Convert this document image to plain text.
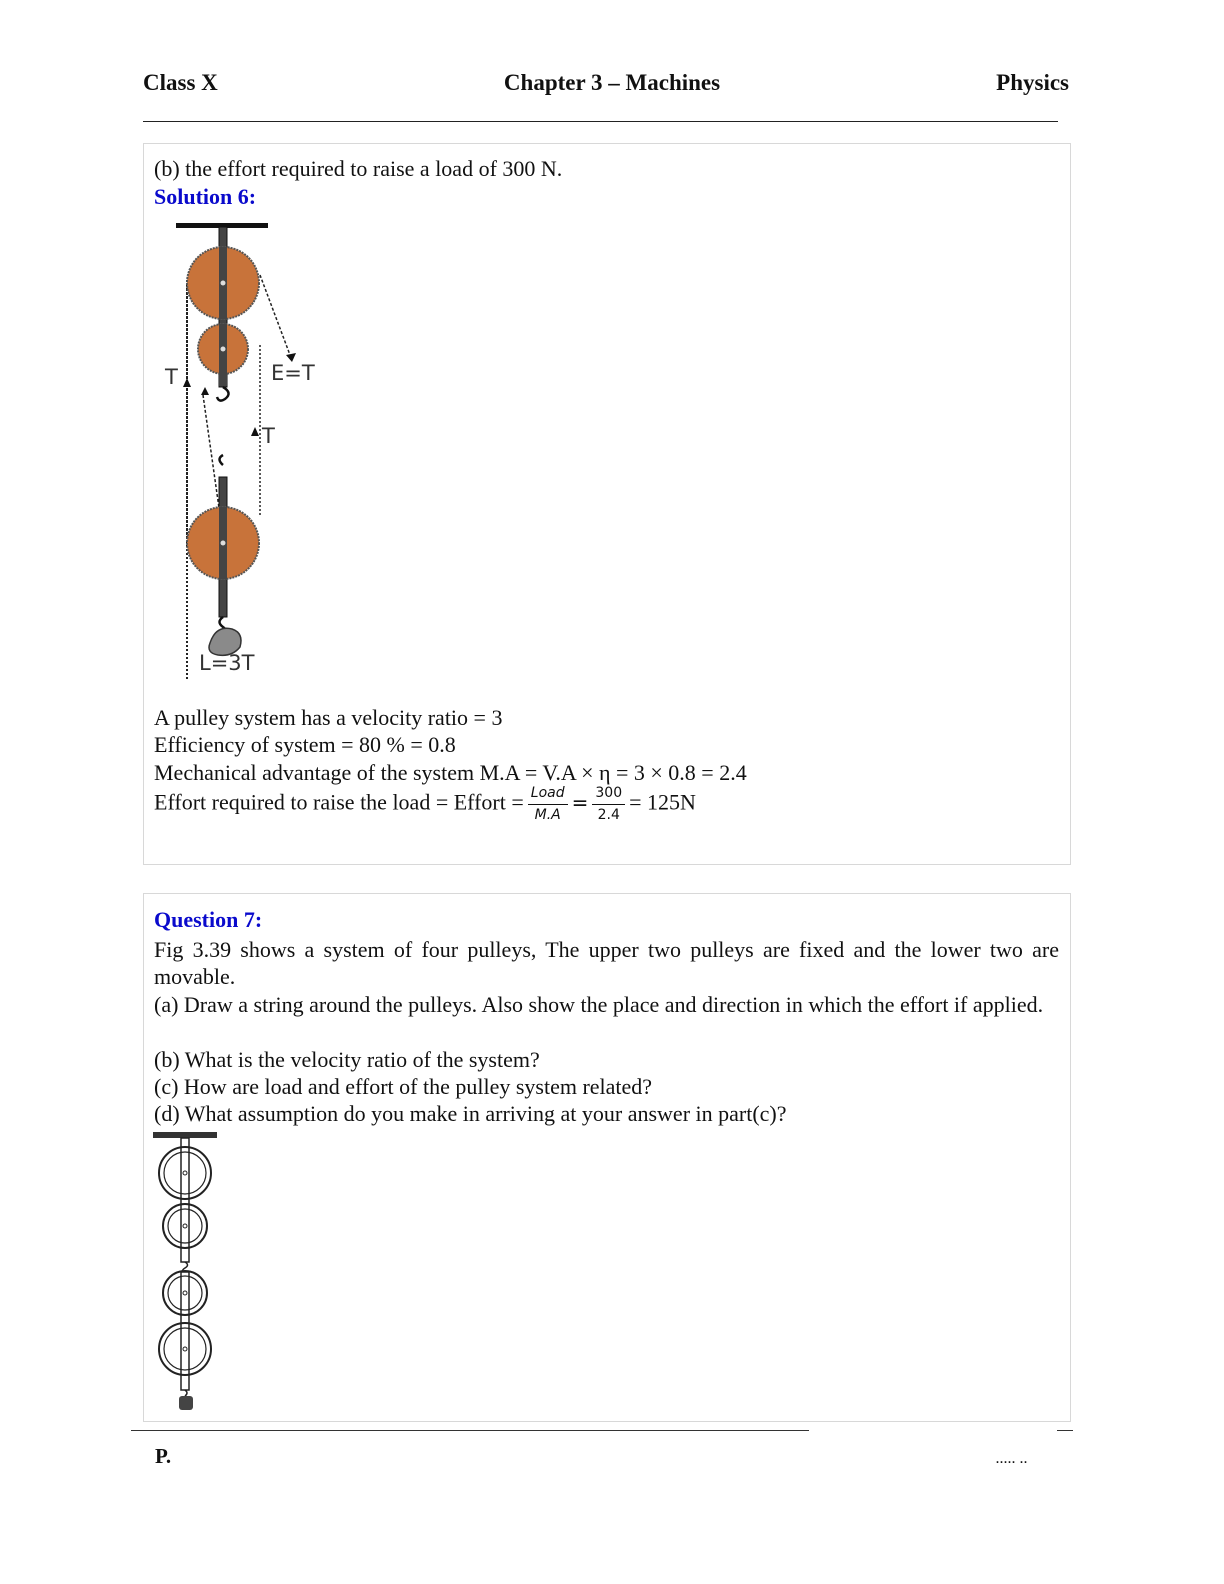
Class X	Chapter 3 – Machines	Physics
(b) the effort required to raise a load of 300 N.
Solution 6:
T	E=T
T
L=3T
A pulley system has a velocity ratio = 3
Efficiency of system = 80 % = 0.8
Mechanical advantage of the system M.A = V.A × η = 3 × 0.8 = 2.4
Effort required to raise the load = Effort = $\frac{\text{Load}}{M.A} = \frac{300}{2.4} = 125N$
Question 7:
Fig 3.39 shows a system of four pulleys, The upper two pulleys are fixed and the lower two are movable.
(a) Draw a string around the pulleys. Also show the place and direction in which the effort if applied.
(b) What is the velocity ratio of the system?
(c) How are load and effort of the pulley system related?
(d) What assumption do you make in arriving at your answer in part(c)?
P.	..... ..
